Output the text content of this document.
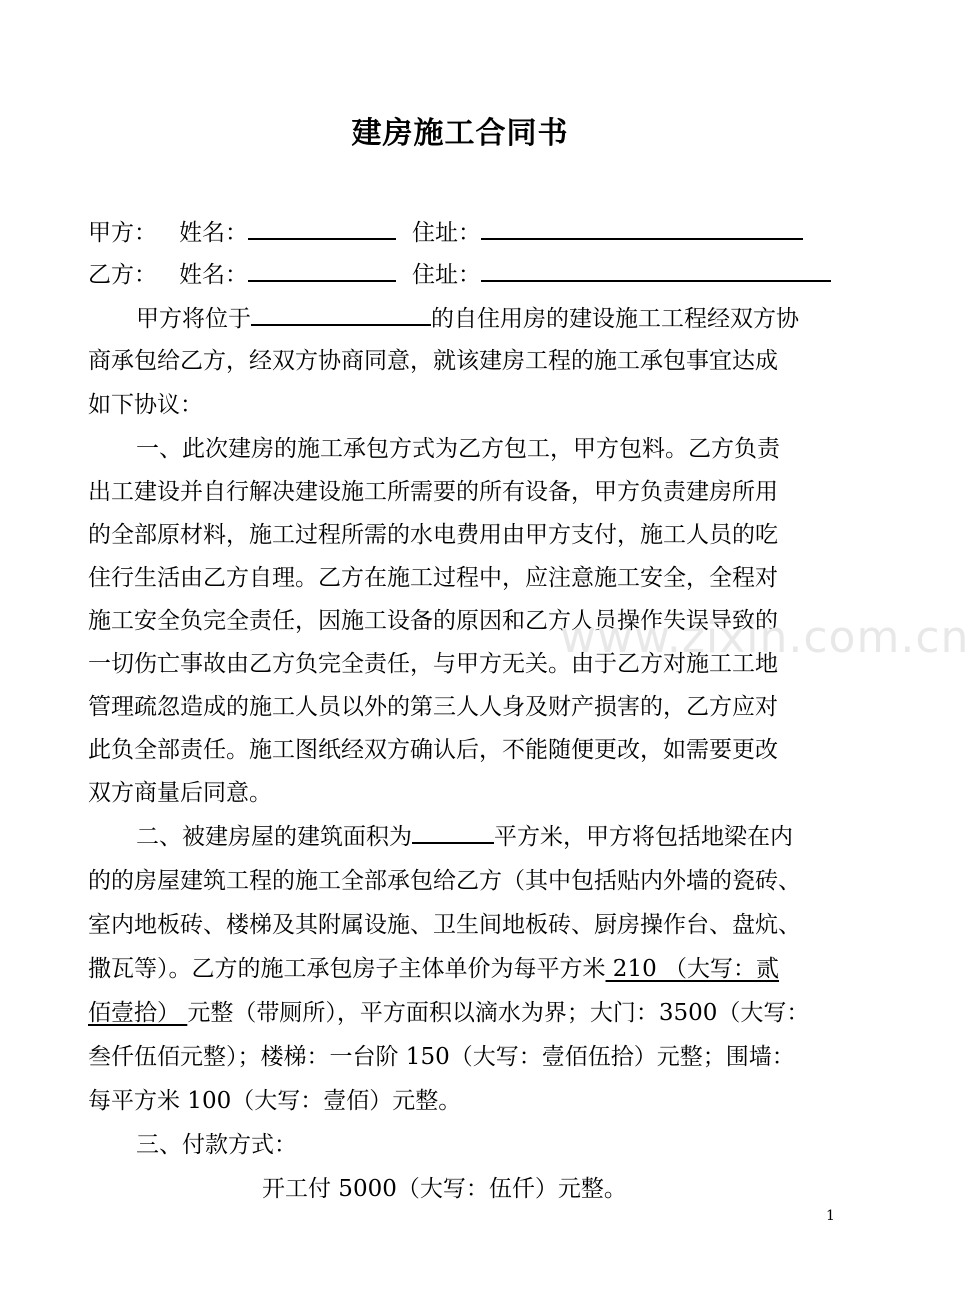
建房施工合同书
甲方： 姓名：	住址：
乙方： 姓名：	住址：
甲方将位于	的自住用房的建设施工工程经双方协
商承包给乙方，经双方协商同意，就该建房工程的施工承包事宜达成
如下协议：
一、此次建房的施工承包方式为乙方包工，甲方包料。乙方负责
出工建设并自行解决建设施工所需要的所有设备，甲方负责建房所用
的全部原材料，施工过程所需的水电费用由甲方支付，施工人员的吃
住行生活由乙方自理。乙方在施工过程中，应注意施工安全，全程对
施工安全负完全责任，因施工设备的原因和乙方人员操作失误导致的
一切伤亡事故由乙方负完全责任，与甲方无关。由于乙方对施工工地
管理疏忽造成的施工人员以外的第三人人身及财产损害的，乙方应对
此负全部责任。施工图纸经双方确认后，不能随便更改，如需要更改
双方商量后同意。
二、被建房屋的建筑面积为	平方米，甲方将包括地梁在内
的的房屋建筑工程的施工全部承包给乙方（其中包括贴内外墙的瓷砖、
室内地板砖、楼梯及其附属设施、卫生间地板砖、厨房操作台、盘炕、
撒瓦等）。乙方的施工承包房子主体单价为每平方米 210 （大写：贰
佰壹拾） 元整（带厕所），平方面积以滴水为界；大门：3500（大写：
叁仟伍佰元整）；楼梯：一台阶 150（大写：壹佰伍拾）元整；围墙：
每平方米 100（大写：壹佰）元整。
三、付款方式：
开工付 5000（大写：伍仟）元整。
www.zixin.com.cn
1
